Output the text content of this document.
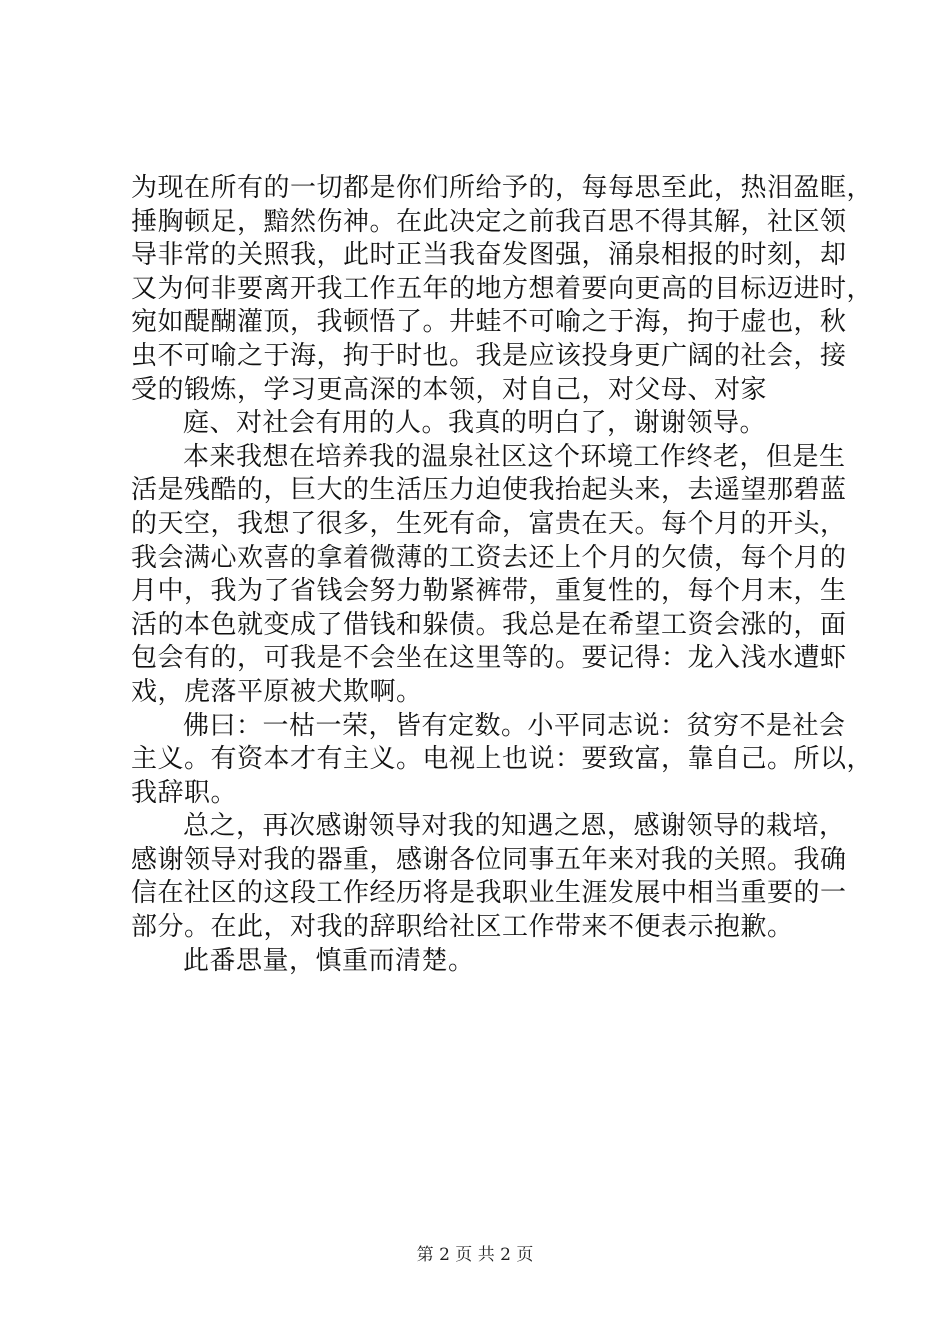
为现在所有的一切都是你们所给予的，每每思至此，热泪盈眶，
捶胸顿足，黯然伤神。在此决定之前我百思不得其解，社区领
导非常的关照我，此时正当我奋发图强，涌泉相报的时刻，却
又为何非要离开我工作五年的地方想着要向更高的目标迈进时，
宛如醍醐灌顶，我顿悟了。井蛙不可喻之于海，拘于虚也，秋
虫不可喻之于海，拘于时也。我是应该投身更广阔的社会，接
受的锻炼，学习更高深的本领，对自己，对父母、对家
庭、对社会有用的人。我真的明白了，谢谢领导。
本来我想在培养我的温泉社区这个环境工作终老，但是生
活是残酷的，巨大的生活压力迫使我抬起头来，去遥望那碧蓝
的天空，我想了很多，生死有命，富贵在天。每个月的开头，
我会满心欢喜的拿着微薄的工资去还上个月的欠债，每个月的
月中，我为了省钱会努力勒紧裤带，重复性的，每个月末，生
活的本色就变成了借钱和躲债。我总是在希望工资会涨的，面
包会有的，可我是不会坐在这里等的。要记得：龙入浅水遭虾
戏，虎落平原被犬欺啊。
佛曰：一枯一荣，皆有定数。小平同志说：贫穷不是社会
主义。有资本才有主义。电视上也说：要致富，靠自己。所以，
我辞职。
总之，再次感谢领导对我的知遇之恩，感谢领导的栽培，
感谢领导对我的器重，感谢各位同事五年来对我的关照。我确
信在社区的这段工作经历将是我职业生涯发展中相当重要的一
部分。在此，对我的辞职给社区工作带来不便表示抱歉。
此番思量，慎重而清楚。
第 2 页 共 2 页
